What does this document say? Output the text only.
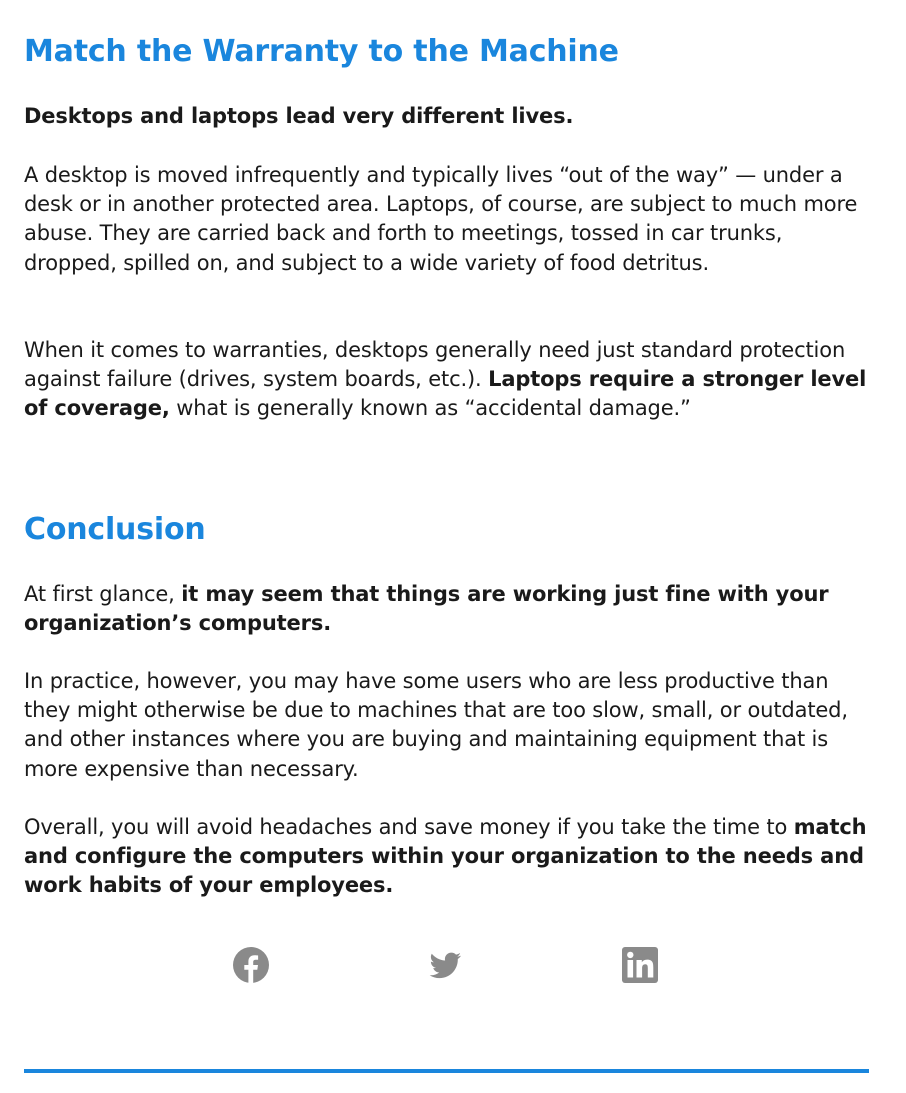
Match the Warranty to the Machine

Desktops and laptops lead very different lives.

A desktop is moved infrequently and typically lives “out of the way” — under a desk or in another protected area. Laptops, of course, are subject to much more abuse. They are carried back and forth to meetings, tossed in car trunks, dropped, spilled on, and subject to a wide variety of food detritus.

When it comes to warranties, desktops generally need just standard protection against failure (drives, system boards, etc.). Laptops require a stronger level of coverage, what is generally known as “accidental damage.”

Conclusion

At first glance, it may seem that things are working just fine with your organization’s computers.

In practice, however, you may have some users who are less productive than they might otherwise be due to machines that are too slow, small, or outdated, and other instances where you are buying and maintaining equipment that is more expensive than necessary.

Overall, you will avoid headaches and save money if you take the time to match and configure the computers within your organization to the needs and work habits of your employees.
